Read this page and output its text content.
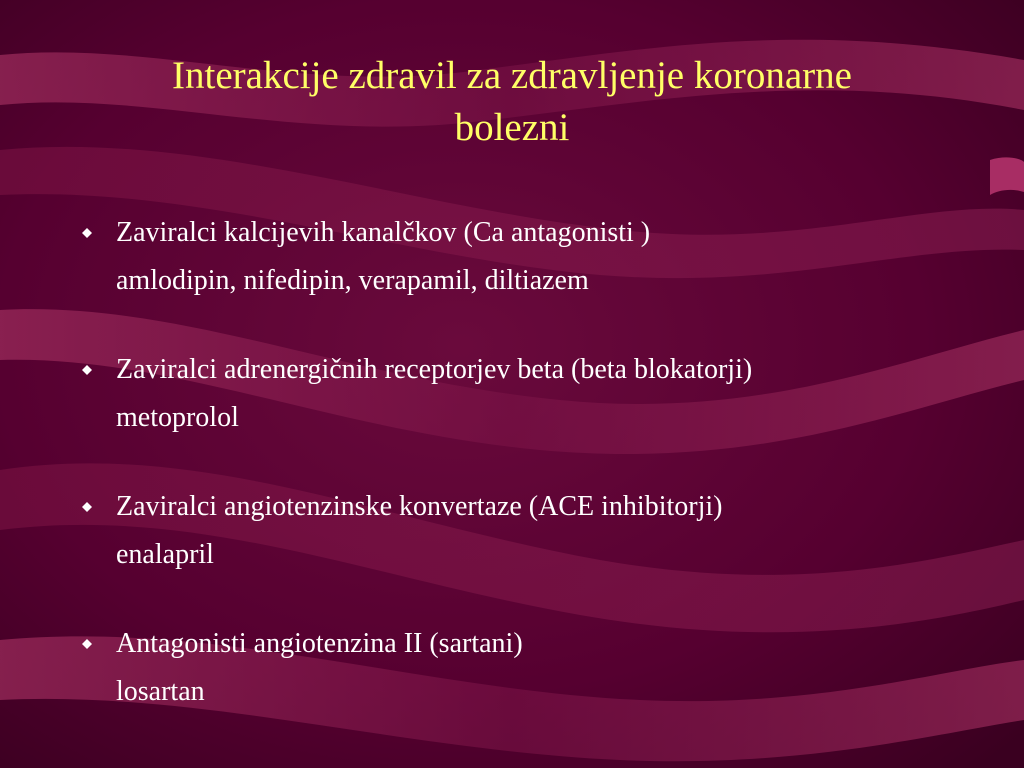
Interakcije zdravil za zdravljenje koronarne
bolezni
Zaviralci kalcijevih kanalčkov (Ca antagonisti )
amlodipin, nifedipin, verapamil, diltiazem
Zaviralci adrenergičnih receptorjev beta (beta blokatorji)
metoprolol
Zaviralci angiotenzinske konvertaze (ACE inhibitorji)
enalapril
Antagonisti angiotenzina II (sartani)
losartan
